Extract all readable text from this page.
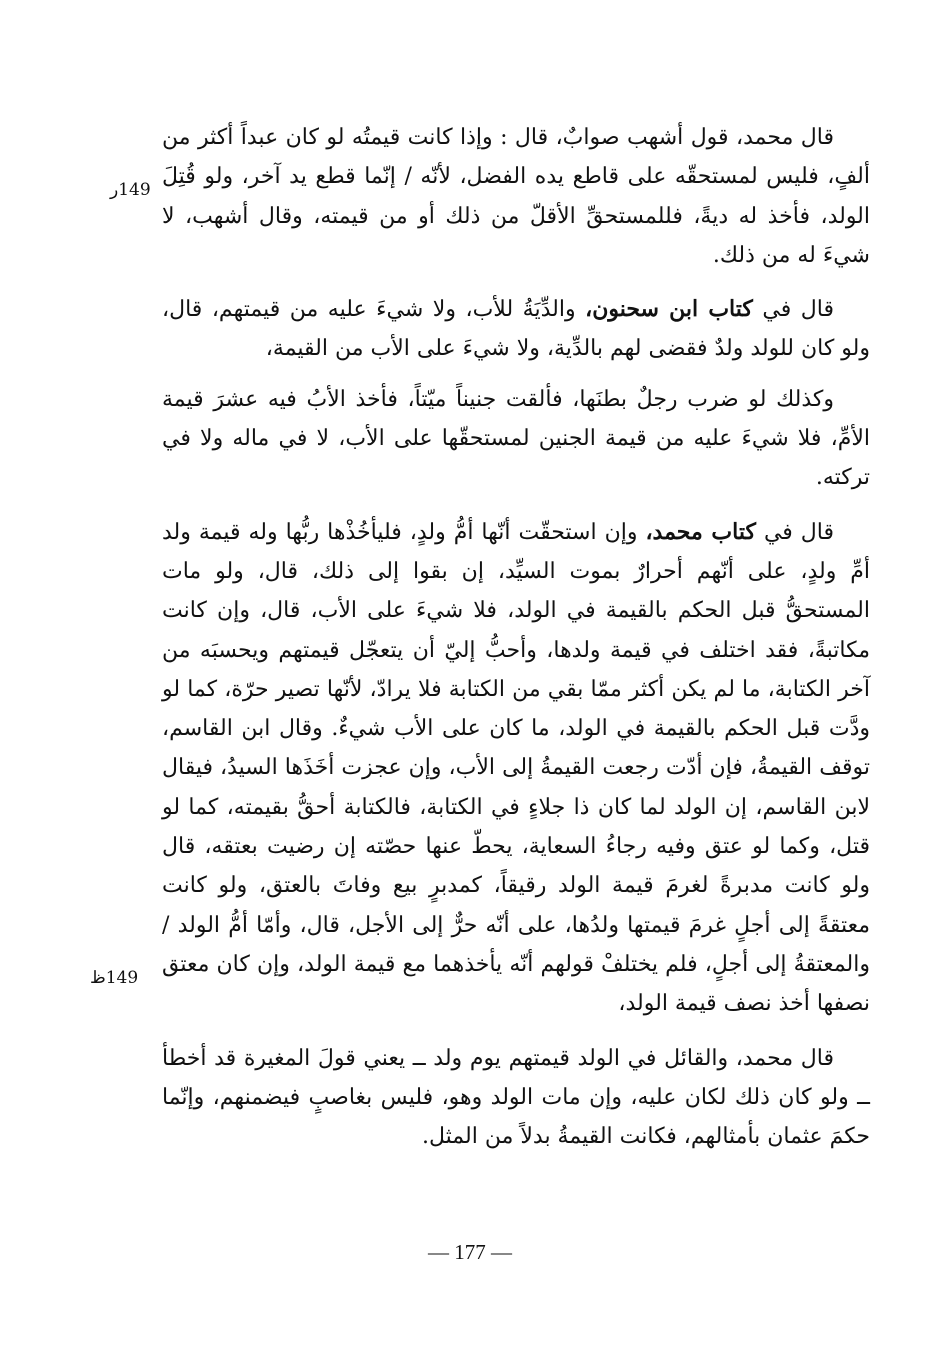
149ر
149ظ

قال محمد، قول أشهب صوابٌ، قال : وإذا كانت قيمتُه لو كان عبداً أكثر من ألفٍ، فليس لمستحقّه على قاطع يده الفضل، لأنّه / إنّما قطع يد آخر، ولو قُتِلَ الولد، فأخذ له ديةً، فللمستحقِّ الأقلّ من ذلك أو من قيمته، وقال أشهب، لا شيءَ له من ذلك.

قال في كتاب ابن سحنون، والدِّيَةُ للأب، ولا شيءَ عليه من قيمتهم، قال، ولو كان للولد ولدٌ فقضى لهم بالدِّية، ولا شيءَ على الأب من القيمة،

وكذلك لو ضرب رجلٌ بطنَها، فألقت جنيناً ميّتاً، فأخذ الأبُ فيه عشرَ قيمة الأمِّ، فلا شيءَ عليه من قيمة الجنين لمستحقّها على الأب، لا في ماله ولا في تركته.

قال في كتاب محمد، وإن استحقّت أنّها أمُّ ولدٍ، فليأخُذْها ربُّها وله قيمة ولد أمِّ ولدٍ، على أنّهم أحرارٌ بموت السيِّد، إن بقوا إلى ذلك، قال، ولو مات المستحقُّ قبل الحكم بالقيمة في الولد، فلا شيءَ على الأب، قال، وإن كانت مكاتبةً، فقد اختلف في قيمة ولدها، وأحبُّ إليّ أن يتعجّل قيمتهم ويحسبَه من آخر الكتابة، ما لم يكن أكثر ممّا بقي من الكتابة فلا يرادّ، لأنّها تصير حرّة، كما لو ودَّت قبل الحكم بالقيمة في الولد، ما كان على الأب شيءٌ. وقال ابن القاسم، توقف القيمةُ، فإن أدّت رجعت القيمةُ إلى الأب، وإن عجزت أخَذَها السيدُ، فيقال لابن القاسم، إن الولد لما كان ذا جلاءٍ في الكتابة، فالكتابة أحقُّ بقيمته، كما لو قتل، وكما لو عتق وفيه رجاءُ السعاية، يحطّ عنها حصّته إن رضيت بعتقه، قال ولو كانت مدبرةً لغرمَ قيمة الولد رقيقاً، كمدبرٍ بيع وفاتَ بالعتق، ولو كانت معتقةً إلى أجلٍ غرمَ قيمتها ولدُها، على أنّه حرٌّ إلى الأجل، قال، وأمّا أمُّ الولد / والمعتقةُ إلى أجلٍ، فلم يختلفْ قولهم أنّه يأخذهما مع قيمة الولد، وإن كان معتق نصفها أخذ نصف قيمة الولد،

قال محمد، والقائل في الولد قيمتهم يوم ولد ــ يعني قولَ المغيرة قد أخطأ ــ ولو كان ذلك لكان عليه، وإن مات الولد وهو، فليس بغاصبٍ فيضمنهم، وإنّما حكمَ عثمان بأمثالهم، فكانت القيمةُ بدلاً من المثل.

— 177 —
